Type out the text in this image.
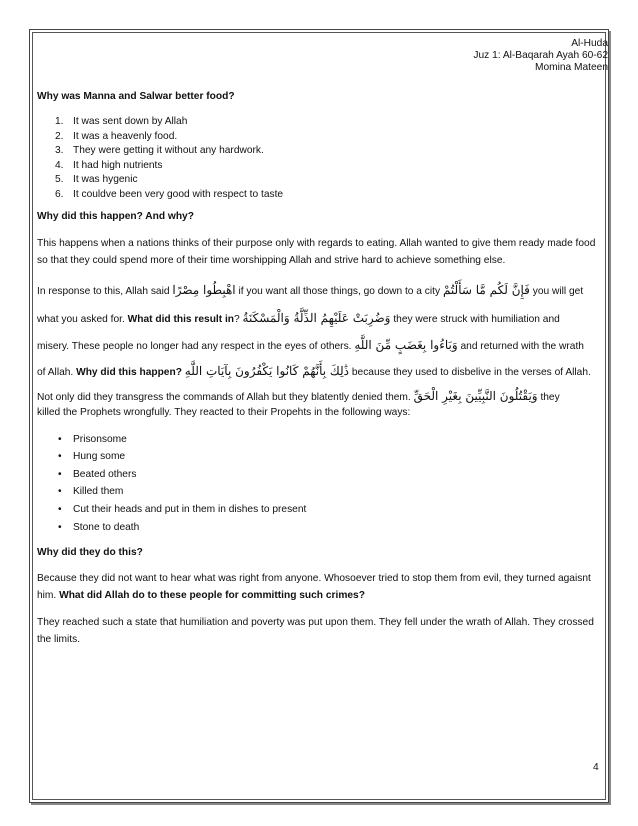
Al-Huda
Juz 1: Al-Baqarah Ayah 60-62
Momina Mateen

Why was Manna and Salwar better food?

1. It was sent down by Allah
2. It was a heavenly food.
3. They were getting it without any hardwork.
4. It had high nutrients
5. It was hygenic
6. It couldve been very good with respect to taste

Why did this happen? And why?

This happens when a nations thinks of their purpose only with regards to eating. Allah wanted to give them ready made food so that they could spend more of their time worshipping Allah and strive hard to achieve something else.

In response to this, Allah said اهْبِطُوا مِصْرًا if you want all those things, go down to a city فَإِنَّ لَكُم مَّا سَأَلْتُمْ you will get

what you asked for. What did this result in? وَضُرِبَتْ عَلَيْهِمُ الذِّلَّةُ وَالْمَسْكَنَةُ they were struck with humiliation and

misery. These people no longer had any respect in the eyes of others. وَبَاءُوا بِغَضَبٍ مِّنَ اللَّهِ and returned with the wrath

of Allah. Why did this happen? ذَٰلِكَ بِأَنَّهُمْ كَانُوا يَكْفُرُونَ بِآيَاتِ اللَّهِ because they used to disbelive in the verses of Allah.

Not only did they transgress the commands of Allah but they blatently denied them. وَيَقْتُلُونَ النَّبِيِّينَ بِغَيْرِ الْحَقِّ they
killed the Prophets wrongfully. They reacted to their Propehts in the following ways:

• Prisonsome
• Hung some
• Beated others
• Killed them
• Cut their heads and put in them in dishes to present
• Stone to death

Why did they do this?

Because they did not want to hear what was right from anyone. Whosoever tried to stop them from evil, they turned agaisnt him. What did Allah do to these people for committing such crimes?

They reached such a state that humiliation and poverty was put upon them. They fell under the wrath of Allah. They crossed the limits.

4
